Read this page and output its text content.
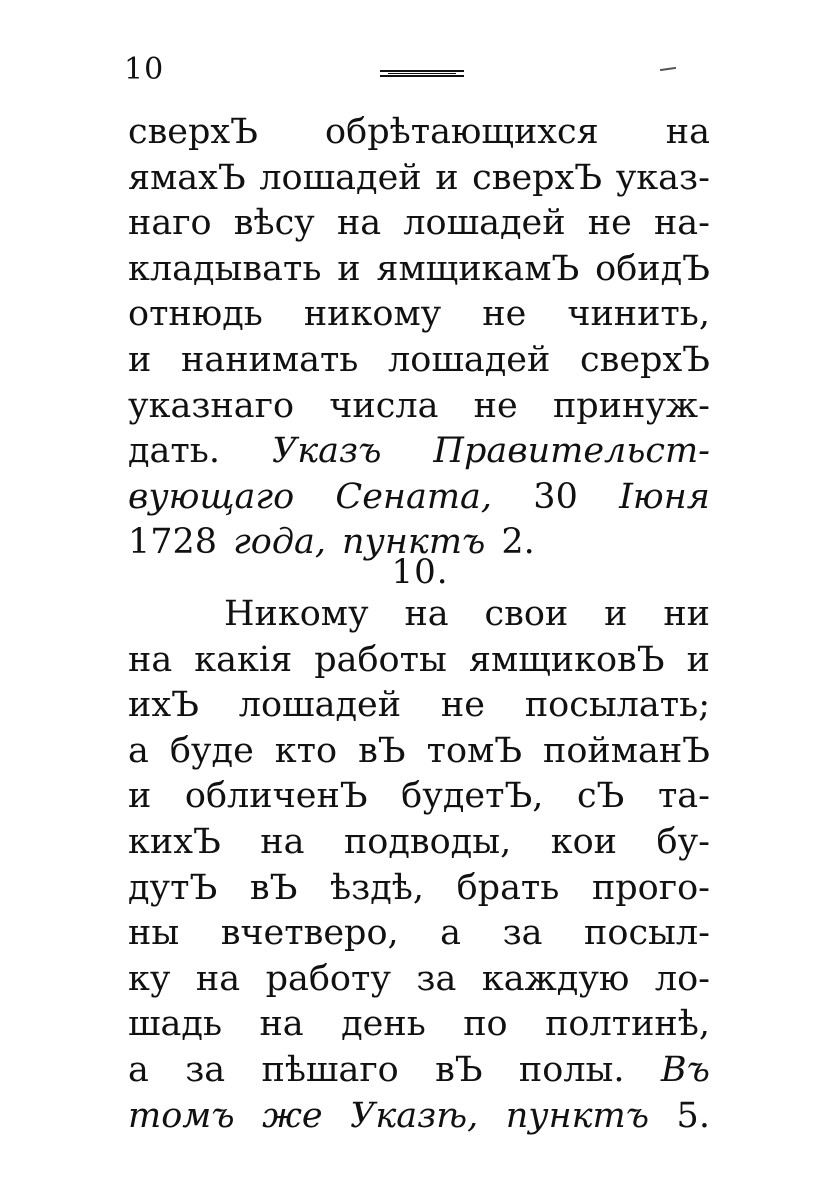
10
сверхЪ обрѣтающихся на
ямахЪ лошадей и сверхЪ указ-
наго вѣсу на лошадей не на-
кладывать и ямщикамЪ обидЪ
отнюдь никому не чинить,
и нанимать лошадей сверхЪ
указнаго числа не принуж-
дать. Указъ Правительст-
вующаго Сената, 30 Іюня
1728 года, пунктъ 2.
10.
Никому на свои и ни
на какія работы ямщиковЪ и
ихЪ лошадей не посылать;
а буде кто вЪ томЪ пойманЪ
и обличенЪ будетЪ, сЪ та-
кихЪ на подводы, кои бу-
дутЪ вЪ ѣздѣ, брать прого-
ны вчетверо, а за посыл-
ку на работу за каждую ло-
шадь на день по полтинѣ,
а за пѣшаго вЪ полы. Въ
томъ же Указѣ, пунктъ 5.
